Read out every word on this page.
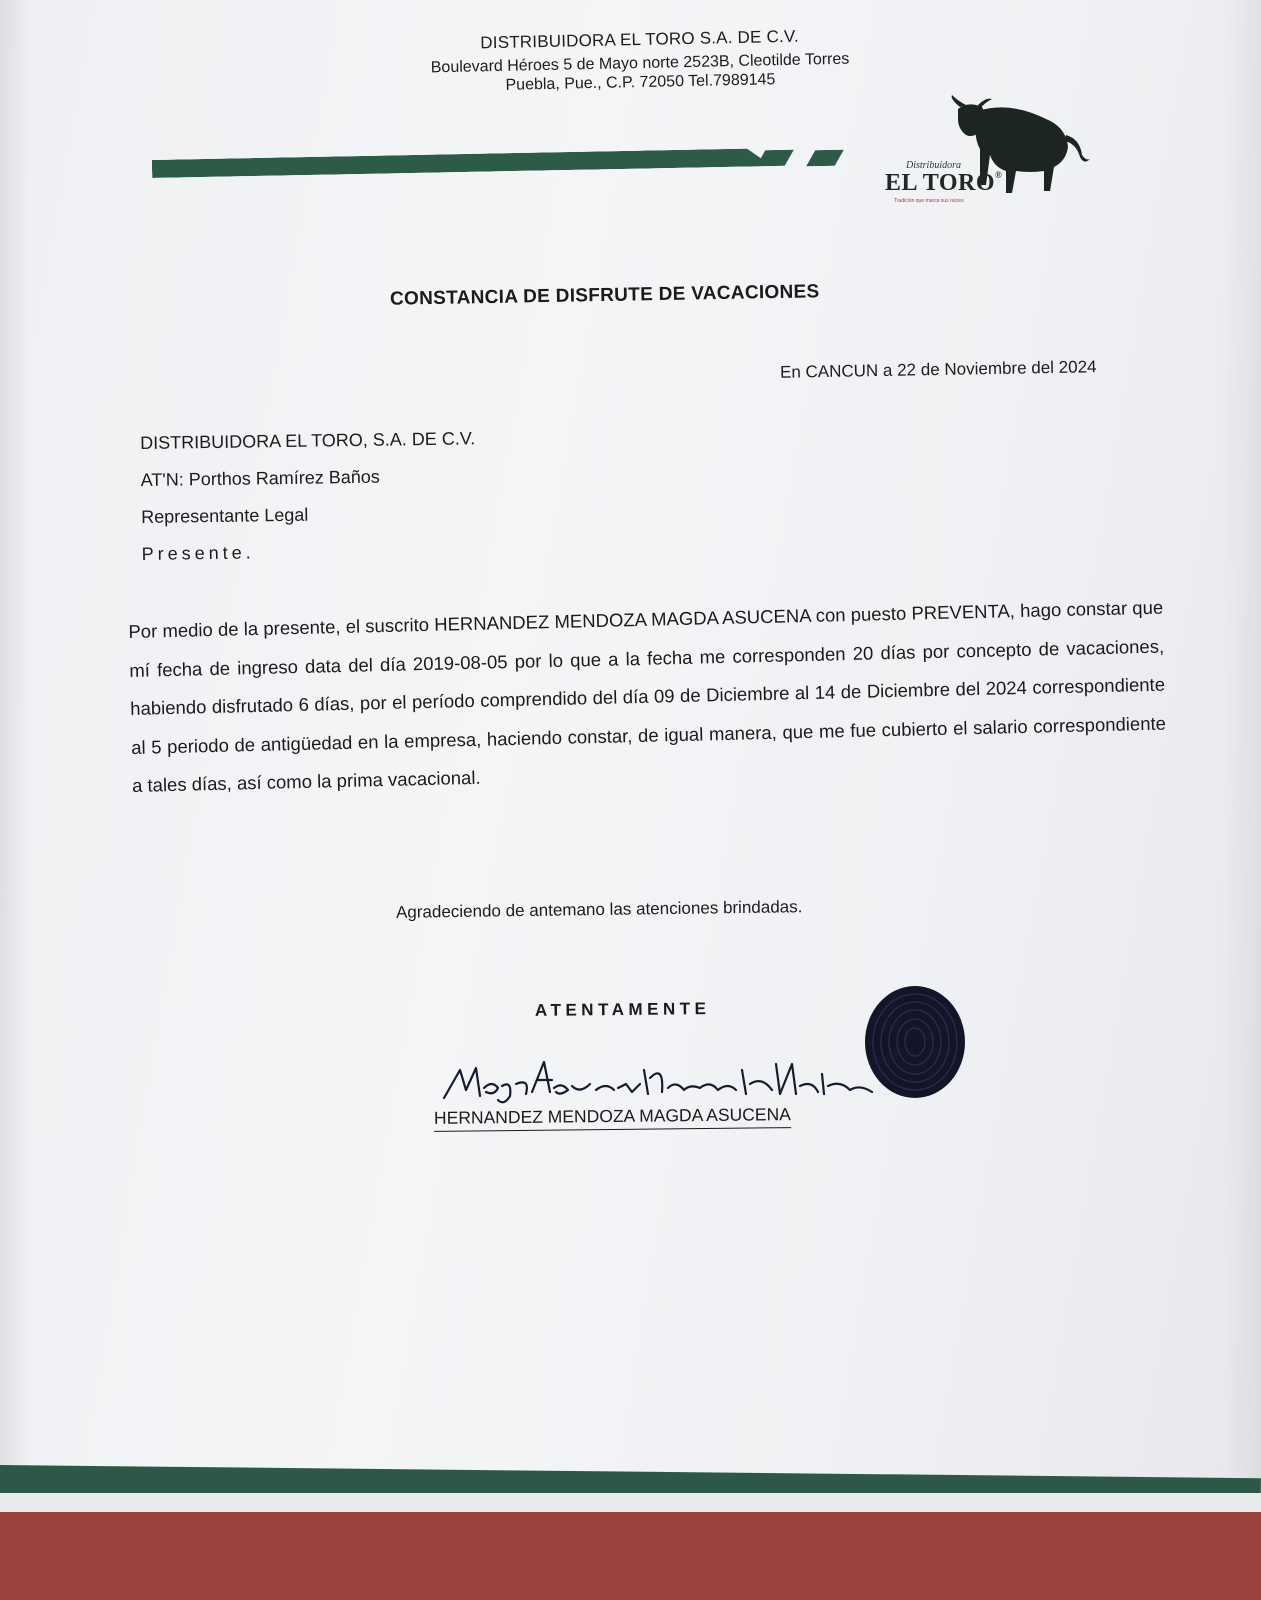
DISTRIBUIDORA EL TORO S.A. DE C.V.
Boulevard Héroes 5 de Mayo norte 2523B, Cleotilde Torres
Puebla, Pue., C.P. 72050 Tel.7989145
Distribuidora
EL TORO®
Tradición que marca sus raíces
CONSTANCIA DE DISFRUTE DE VACACIONES
En CANCUN a 22 de Noviembre del 2024
DISTRIBUIDORA EL TORO, S.A. DE C.V.
AT'N: Porthos Ramírez Baños
Representante Legal
Presente.
Por medio de la presente, el suscrito HERNANDEZ MENDOZA MAGDA ASUCENA con puesto PREVENTA, hago constar que mí fecha de ingreso data del día 2019-08-05 por lo que a la fecha me corresponden 20 días por concepto de vacaciones, habiendo disfrutado 6 días, por el período comprendido del día 09 de Diciembre al 14 de Diciembre del 2024 correspondiente al 5 periodo de antigüedad en la empresa, haciendo constar, de igual manera, que me fue cubierto el salario correspondiente a tales días, así como la prima vacacional.
Agradeciendo de antemano las atenciones brindadas.
ATENTAMENTE
HERNANDEZ MENDOZA MAGDA ASUCENA
